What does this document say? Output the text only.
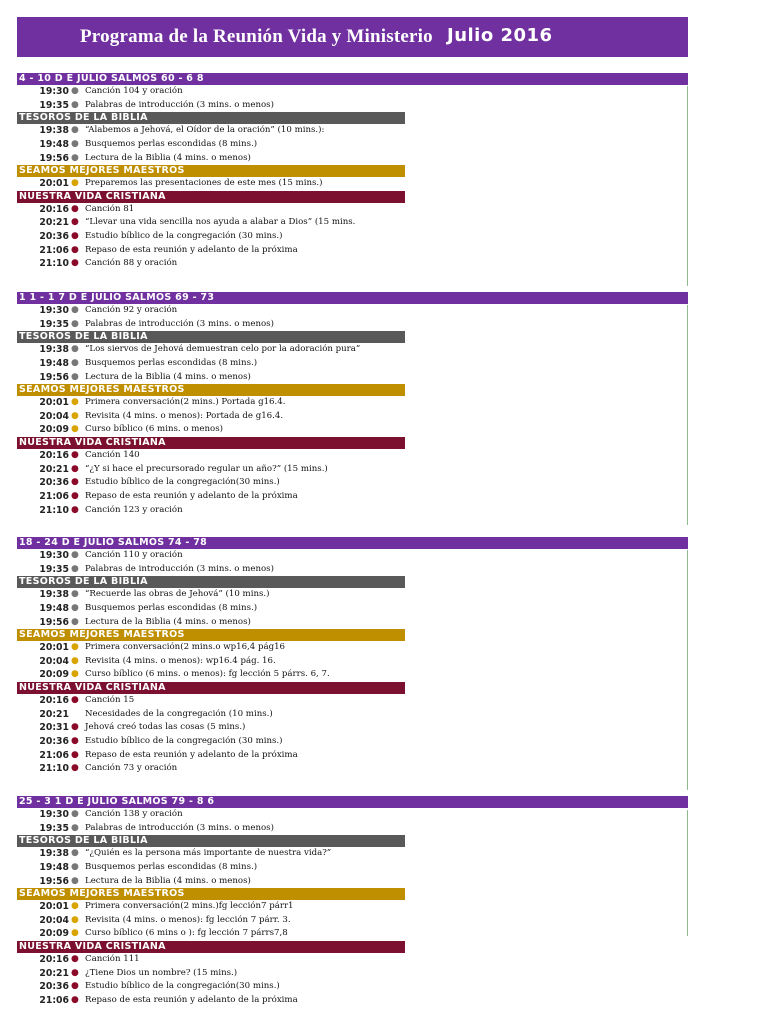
Programa de la Reunión Vida y Ministerio Julio 2016
4 - 10 D E JULIO SALMOS 60 - 6 8
19:30 ● Canción 104 y oración
19:35 ● Palabras de introducción (3 mins. o menos)
TESOROS DE LA BIBLIA
19:38 ● “Alabemos a Jehová, el Oídor de la oración” (10 mins.):
19:48 ● Busquemos perlas escondidas (8 mins.)
19:56 ● Lectura de la Biblia (4 mins. o menos)
SEAMOS MEJORES MAESTROS
20:01 ● Preparemos las presentaciones de este mes (15 mins.)
NUESTRA VIDA CRISTIANA
20:16 ● Canción 81
20:21 ● “Llevar una vida sencilla nos ayuda a alabar a Dios” (15 mins.
20:36 ● Estudio bíblico de la congregación (30 mins.)
21:06 ● Repaso de esta reunión y adelanto de la próxima
21:10 ● Canción 88 y oración
1 1 - 1 7 D E JULIO SALMOS 69 - 73
19:30 ● Canción 92 y oración
19:35 ● Palabras de introducción (3 mins. o menos)
TESOROS DE LA BIBLIA
19:38 ● “Los siervos de Jehová demuestran celo por la adoración pura”
19:48 ● Busquemos perlas escondidas (8 mins.)
19:56 ● Lectura de la Biblia (4 mins. o menos)
SEAMOS MEJORES MAESTROS
20:01 ● Primera conversación(2 mins.) Portada g16.4.
20:04 ● Revisita (4 mins. o menos): Portada de g16.4.
20:09 ● Curso bíblico (6 mins. o menos)
NUESTRA VIDA CRISTIANA
20:16 ● Canción 140
20:21 ● “¿Y si hace el precursorado regular un año?” (15 mins.)
20:36 ● Estudio bíblico de la congregación(30 mins.)
21:06 ● Repaso de esta reunión y adelanto de la próxima
21:10 ● Canción 123 y oración
18 - 24 D E JULIO SALMOS 74 - 78
19:30 ● Canción 110 y oración
19:35 ● Palabras de introducción (3 mins. o menos)
TESOROS DE LA BIBLIA
19:38 ● “Recuerde las obras de Jehová” (10 mins.)
19:48 ● Busquemos perlas escondidas (8 mins.)
19:56 ● Lectura de la Biblia (4 mins. o menos)
SEAMOS MEJORES MAESTROS
20:01 ● Primera conversación(2 mins.o wp16,4 pág16
20:04 ● Revisita (4 mins. o menos): wp16.4 pág. 16.
20:09 ● Curso bíblico (6 mins. o menos): fg lección 5 párrs. 6, 7.
NUESTRA VIDA CRISTIANA
20:16 ● Canción 15
20:21 Necesidades de la congregación (10 mins.)
20:31 ● Jehová creó todas las cosas (5 mins.)
20:36 ● Estudio bíblico de la congregación (30 mins.)
21:06 ● Repaso de esta reunión y adelanto de la próxima
21:10 ● Canción 73 y oración
25 - 3 1 D E JULIO SALMOS 79 - 8 6
19:30 ● Canción 138 y oración
19:35 ● Palabras de introducción (3 mins. o menos)
TESOROS DE LA BIBLIA
19:38 ● “¿Quién es la persona más importante de nuestra vida?”
19:48 ● Busquemos perlas escondidas (8 mins.)
19:56 ● Lectura de la Biblia (4 mins. o menos)
SEAMOS MEJORES MAESTROS
20:01 ● Primera conversación(2 mins.)fg lección7 párr1
20:04 ● Revisita (4 mins. o menos): fg lección 7 párr. 3.
20:09 ● Curso bíblico (6 mins o ): fg lección 7 párrs7,8
NUESTRA VIDA CRISTIANA
20:16 ● Canción 111
20:21 ● ¿Tiene Dios un nombre? (15 mins.)
20:36 ● Estudio bíblico de la congregación(30 mins.)
21:06 ● Repaso de esta reunión y adelanto de la próxima
